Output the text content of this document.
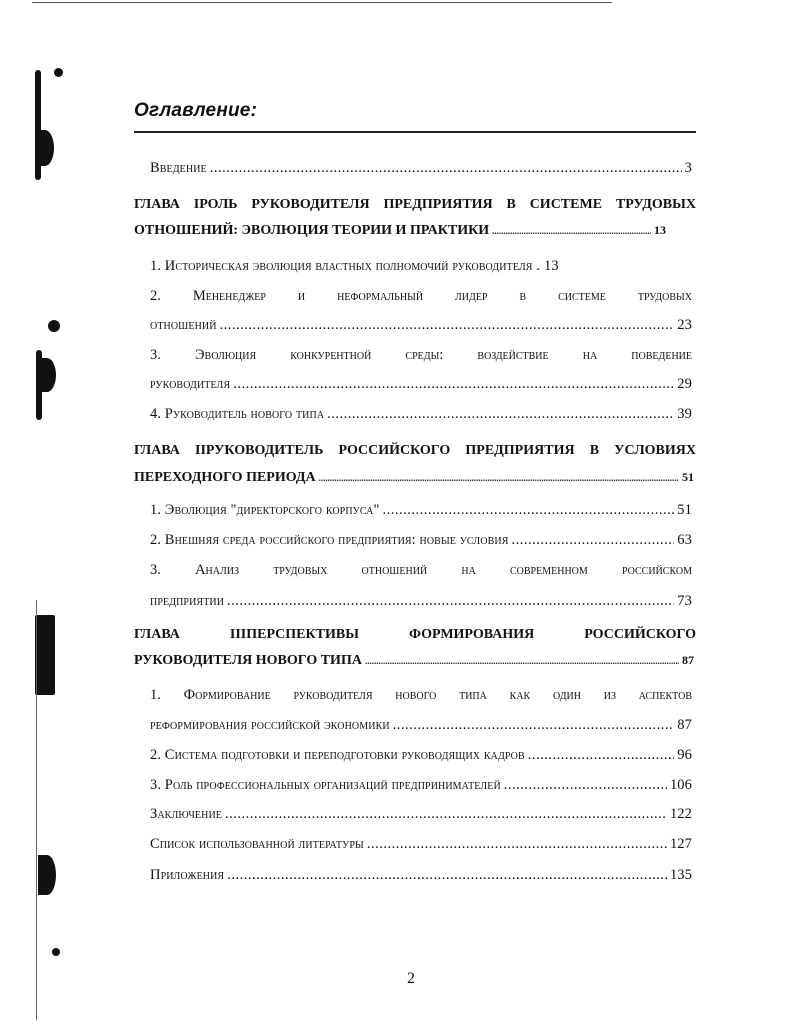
Оглавление:
Введение .....	3
ГЛАВА IРОЛЬ РУКОВОДИТЕЛЯ ПРЕДПРИЯТИЯ В СИСТЕМЕ ТРУДОВЫХ
ОТНОШЕНИЙ: ЭВОЛЮЦИЯ ТЕОРИИ И ПРАКТИКИ .....	13
1. Историческая эволюция властных полномочий руководителя . 13
2. Мененеджер и неформальный лидер в системе трудовых
отношений .....	23
3. Эволюция конкурентной среды: воздействие на поведение
руководителя .....	29
4. Руководитель нового типа .....	39
ГЛАВА IIРУКОВОДИТЕЛЬ РОССИЙСКОГО ПРЕДПРИЯТИЯ В УСЛОВИЯХ
ПЕРЕХОДНОГО ПЕРИОДА .....	51
1. Эволюция "директорского корпуса" .....	51
2. Внешняя среда российского предприятия: новые условия .....	63
3. Анализ трудовых отношений на современном российском
предприятии .....	73
ГЛАВА IIIПЕРСПЕКТИВЫ ФОРМИРОВАНИЯ РОССИЙСКОГО
РУКОВОДИТЕЛЯ НОВОГО ТИПА .....	87
1. Формирование руководителя нового типа как один из аспектов
реформирования российской экономики .....	87
2. Система подготовки и переподготовки руководящих кадров .....	96
3. Роль профессиональных организаций предпринимателей .....	106
Заключение .....	122
Список использованной литературы .....	127
Приложения .....	135
2
